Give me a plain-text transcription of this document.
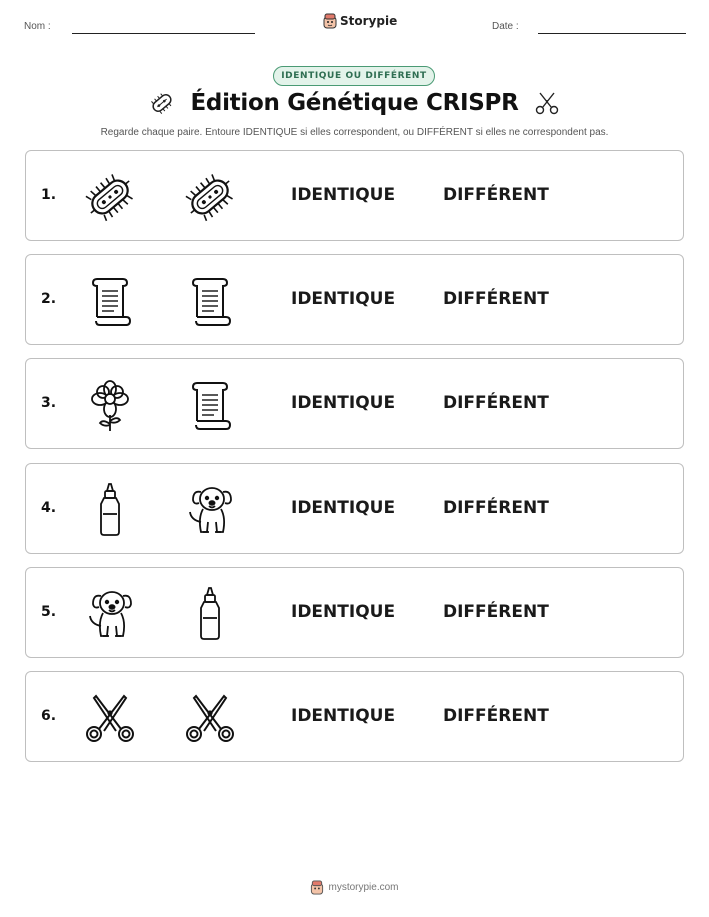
Nom :	Storypie	Date :
IDENTIQUE OU DIFFÉRENT
Édition Génétique CRISPR
Regarde chaque paire. Entoure IDENTIQUE si elles correspondent, ou DIFFÉRENT si elles ne correspondent pas.
1.	IDENTIQUE	DIFFÉRENT
2.	IDENTIQUE	DIFFÉRENT
3.	IDENTIQUE	DIFFÉRENT
4.	IDENTIQUE	DIFFÉRENT
5.	IDENTIQUE	DIFFÉRENT
6.	IDENTIQUE	DIFFÉRENT
mystorypie.com
